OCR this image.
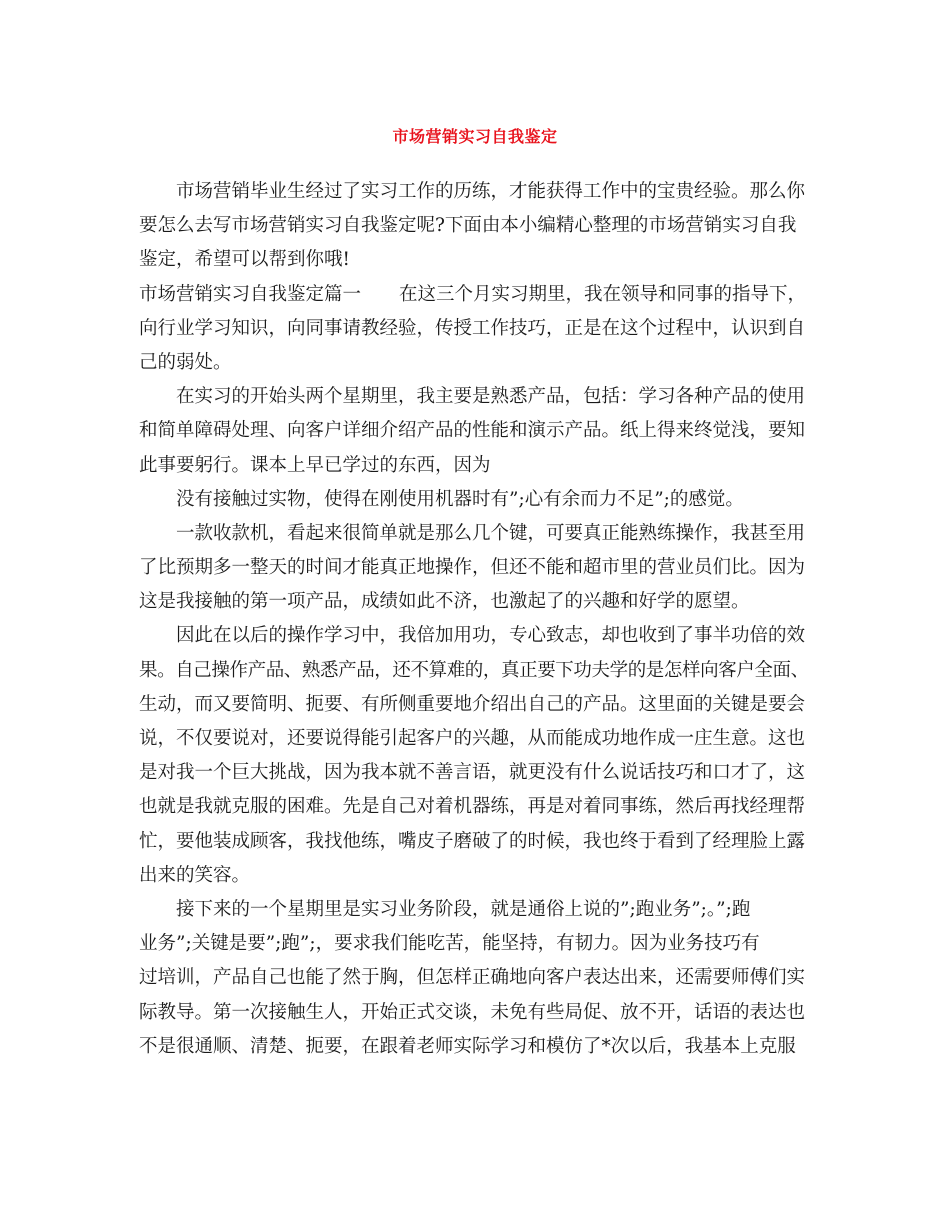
市场营销实习自我鉴定
市场营销毕业生经过了实习工作的历练，才能获得工作中的宝贵经验。那么你
要怎么去写市场营销实习自我鉴定呢?下面由本小编精心整理的市场营销实习自我
鉴定，希望可以帮到你哦!
市场营销实习自我鉴定篇一 在这三个月实习期里，我在领导和同事的指导下，
向行业学习知识，向同事请教经验，传授工作技巧，正是在这个过程中，认识到自
己的弱处。
在实习的开始头两个星期里，我主要是熟悉产品，包括：学习各种产品的使用
和简单障碍处理、向客户详细介绍产品的性能和演示产品。纸上得来终觉浅，要知
此事要躬行。课本上早已学过的东西，因为
没有接触过实物，使得在刚使用机器时有”;心有余而力不足”;的感觉。
一款收款机，看起来很简单就是那么几个键，可要真正能熟练操作，我甚至用
了比预期多一整天的时间才能真正地操作，但还不能和超市里的营业员们比。因为
这是我接触的第一项产品，成绩如此不济，也激起了的兴趣和好学的愿望。
因此在以后的操作学习中，我倍加用功，专心致志，却也收到了事半功倍的效
果。自己操作产品、熟悉产品，还不算难的，真正要下功夫学的是怎样向客户全面、
生动，而又要简明、扼要、有所侧重要地介绍出自己的产品。这里面的关键是要会
说，不仅要说对，还要说得能引起客户的兴趣，从而能成功地作成一庄生意。这也
是对我一个巨大挑战，因为我本就不善言语，就更没有什么说话技巧和口才了，这
也就是我就克服的困难。先是自己对着机器练，再是对着同事练，然后再找经理帮
忙，要他装成顾客，我找他练，嘴皮子磨破了的时候，我也终于看到了经理脸上露
出来的笑容。
接下来的一个星期里是实习业务阶段，就是通俗上说的”;跑业务”;。”;跑
业务”;关键是要”;跑”;，要求我们能吃苦，能坚持，有韧力。因为业务技巧有
过培训，产品自己也能了然于胸，但怎样正确地向客户表达出来，还需要师傅们实
际教导。第一次接触生人，开始正式交谈，未免有些局促、放不开，话语的表达也
不是很通顺、清楚、扼要，在跟着老师实际学习和模仿了*次以后，我基本上克服
